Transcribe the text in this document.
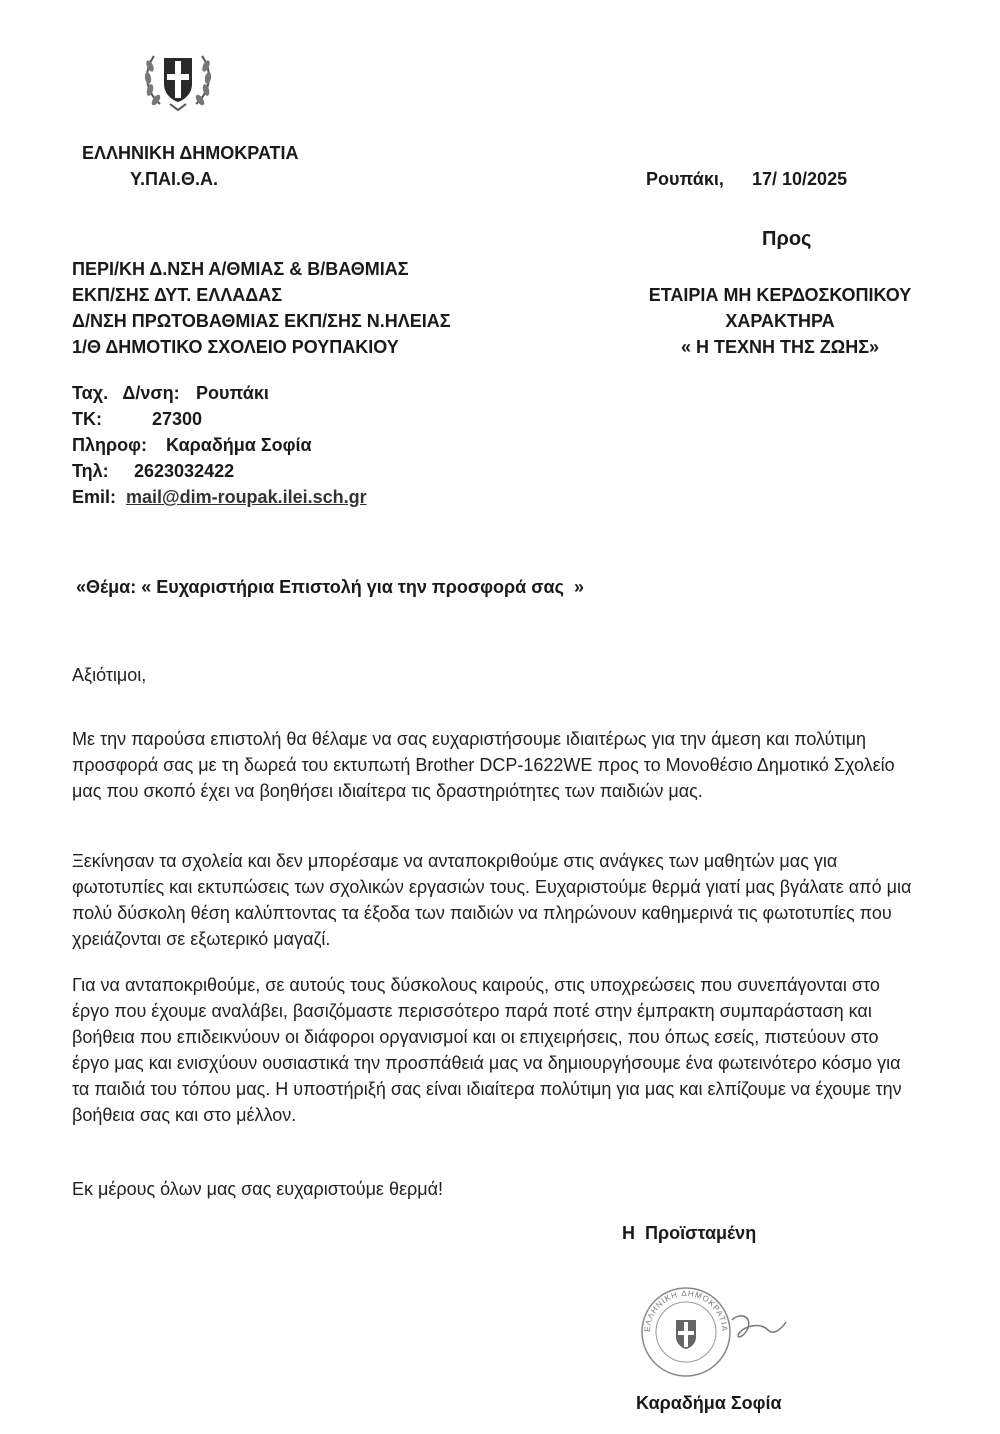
ΕΛΛΗΝΙΚΗ ΔΗΜΟΚΡΑΤΙΑ
Υ.ΠΑΙ.Θ.Α.	Ρουπάκι, 17/ 10/2025
Προς
ΕΤΑΙΡΙΑ ΜΗ ΚΕΡΔΟΣΚΟΠΙΚΟΥ
ΧΑΡΑΚΤΗΡΑ
« Η ΤΕΧΝΗ ΤΗΣ ΖΩΗΣ»
ΠΕΡΙ/ΚΗ Δ.ΝΣΗ Α/ΘΜΙΑΣ & Β/ΒΑΘΜΙΑΣ
ΕΚΠ/ΣΗΣ ΔΥΤ. ΕΛΛΑΔΑΣ
Δ/ΝΣΗ ΠΡΩΤΟΒΑΘΜΙΑΣ ΕΚΠ/ΣΗΣ Ν.ΗΛΕΙΑΣ
1/Θ ΔΗΜΟΤΙΚΟ ΣΧΟΛΕΙΟ ΡΟΥΠΑΚΙΟΥ
Ταχ.   Δ/νση: Ρουπάκι
ΤΚ:	27300
Πληροφ: Καραδήμα Σοφία
Τηλ: 2623032422
Emil: mail@dim-roupak.ilei.sch.gr
«Θέμα: « Ευχαριστήρια Επιστολή για την προσφορά σας  »
Αξιότιμοι,
Με την παρούσα επιστολή θα θέλαμε να σας ευχαριστήσουμε ιδιαιτέρως για την άμεση και πολύτιμη προσφορά σας με τη δωρεά του εκτυπωτή Brother DCP-1622WE προς το Μονοθέσιο Δημοτικό Σχολείο μας που σκοπό έχει να βοηθήσει ιδιαίτερα τις δραστηριότητες των παιδιών μας.
Ξεκίνησαν τα σχολεία και δεν μπορέσαμε να ανταποκριθούμε στις ανάγκες των μαθητών μας για φωτοτυπίες και εκτυπώσεις των σχολικών εργασιών τους. Ευχαριστούμε θερμά γιατί μας βγάλατε από μια πολύ δύσκολη θέση καλύπτοντας τα έξοδα των παιδιών να πληρώνουν καθημερινά τις φωτοτυπίες που χρειάζονται σε εξωτερικό μαγαζί.
Για να ανταποκριθούμε, σε αυτούς τους δύσκολους καιρούς, στις υποχρεώσεις που συνεπάγονται στο έργο που έχουμε αναλάβει, βασιζόμαστε περισσότερο παρά ποτέ στην έμπρακτη συμπαράσταση και βοήθεια που επιδεικνύουν οι διάφοροι οργανισμοί και οι επιχειρήσεις, που όπως εσείς, πιστεύουν στο έργο μας και ενισχύουν ουσιαστικά την προσπάθειά μας να δημιουργήσουμε ένα φωτεινότερο κόσμο για τα παιδιά του τόπου μας. Η υποστήριξή σας είναι ιδιαίτερα πολύτιμη για μας και ελπίζουμε να έχουμε την βοήθεια σας και στο μέλλον.
Εκ μέρους όλων μας σας ευχαριστούμε θερμά!
Η  Προϊσταμένη
ΕΛΛΗΝΙΚΗ ΔΗΜΟΚΡΑΤΙΑ
Καραδήμα Σοφία
